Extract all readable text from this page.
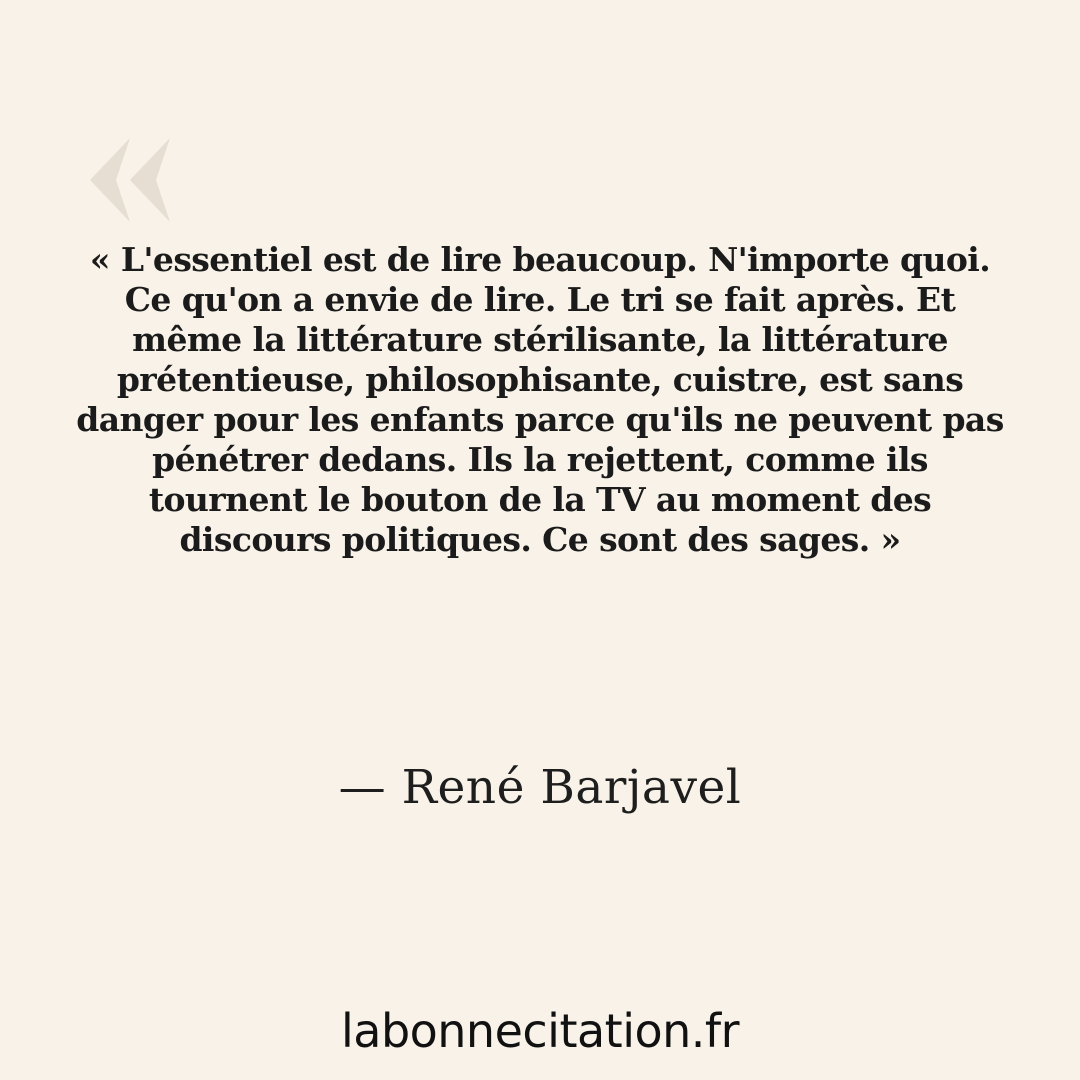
« L'essentiel est de lire beaucoup. N'importe quoi. Ce qu'on a envie de lire. Le tri se fait après. Et même la littérature stérilisante, la littérature prétentieuse, philosophisante, cuistre, est sans danger pour les enfants parce qu'ils ne peuvent pas pénétrer dedans. Ils la rejettent, comme ils tournent le bouton de la TV au moment des discours politiques. Ce sont des sages. »

— René Barjavel
labonnecitation.fr
